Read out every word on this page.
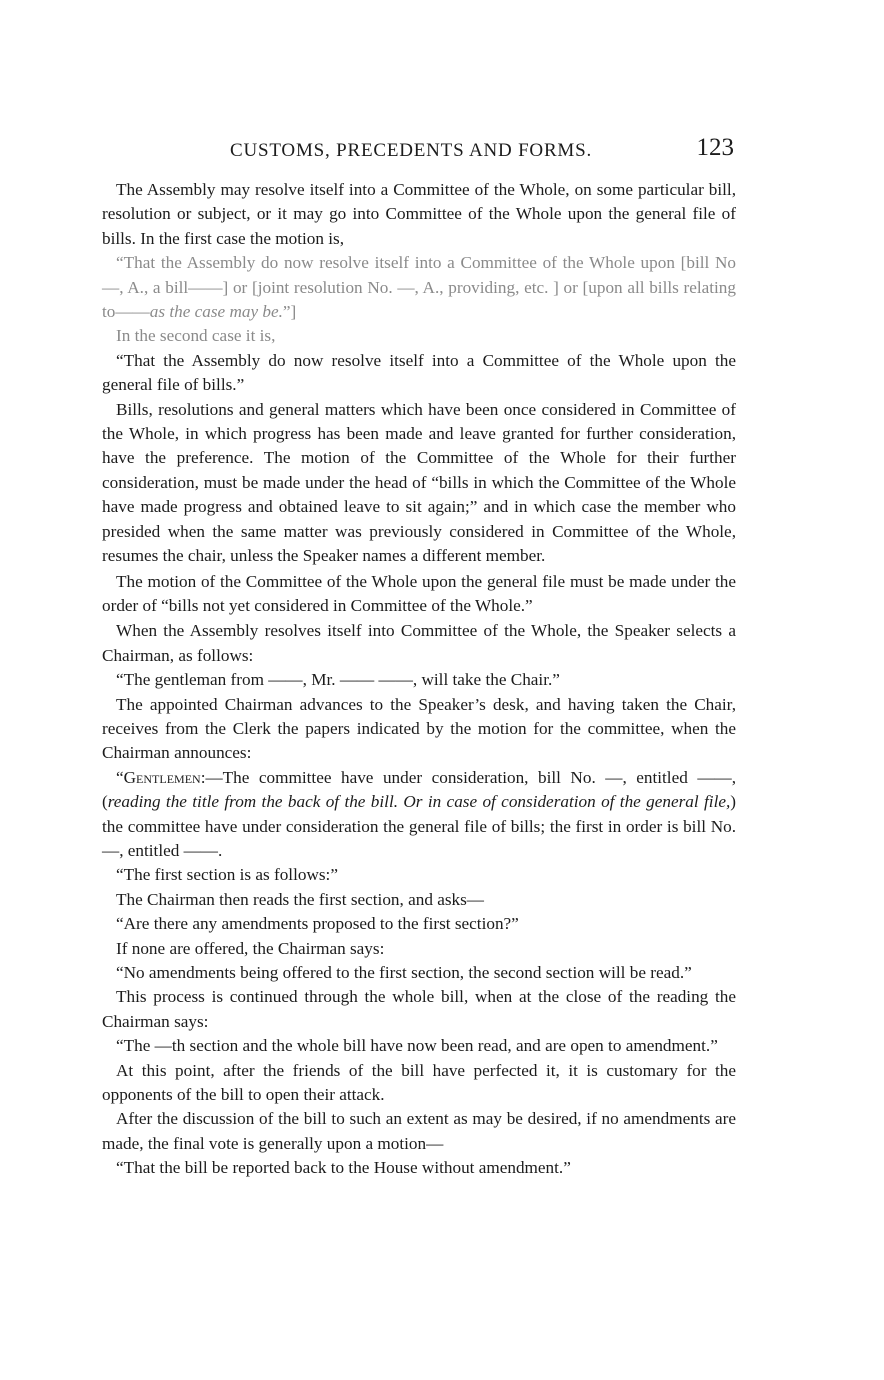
CUSTOMS, PRECEDENTS AND FORMS.	123

The Assembly may resolve itself into a Committee of the Whole, on some particular bill, resolution or subject, or it may go into Committee of the Whole upon the general file of bills. In the first case the motion is,

“That the Assembly do now resolve itself into a Committee of the Whole upon [bill No —, A., a bill——] or [joint resolution No. —, A., providing, etc. ] or [upon all bills relating to——as the case may be.”]

In the second case it is,

“That the Assembly do now resolve itself into a Committee of the Whole upon the general file of bills.”

Bills, resolutions and general matters which have been once considered in Committee of the Whole, in which progress has been made and leave granted for further consideration, have the preference. The motion of the Committee of the Whole for their further consideration, must be made under the head of “bills in which the Committee of the Whole have made progress and obtained leave to sit again;” and in which case the member who presided when the same matter was previously considered in Committee of the Whole, resumes the chair, unless the Speaker names a different member.

The motion of the Committee of the Whole upon the general file must be made under the order of “bills not yet considered in Committee of the Whole.”

When the Assembly resolves itself into Committee of the Whole, the Speaker selects a Chairman, as follows:

“The gentleman from ——, Mr. —— ——, will take the Chair.”

The appointed Chairman advances to the Speaker’s desk, and having taken the Chair, receives from the Clerk the papers indicated by the motion for the committee, when the Chairman announces:

“Gentlemen:—The committee have under consideration, bill No. —, entitled ——, (reading the title from the back of the bill. Or in case of consideration of the general file,) the committee have under consideration the general file of bills; the first in order is bill No. —, entitled ——.

“The first section is as follows:”

The Chairman then reads the first section, and asks—

“Are there any amendments proposed to the first section?”

If none are offered, the Chairman says:

“No amendments being offered to the first section, the second section will be read.”

This process is continued through the whole bill, when at the close of the reading the Chairman says:

“The —th section and the whole bill have now been read, and are open to amendment.”

At this point, after the friends of the bill have perfected it, it is customary for the opponents of the bill to open their attack.

After the discussion of the bill to such an extent as may be desired, if no amendments are made, the final vote is generally upon a motion—

“That the bill be reported back to the House without amendment.”
